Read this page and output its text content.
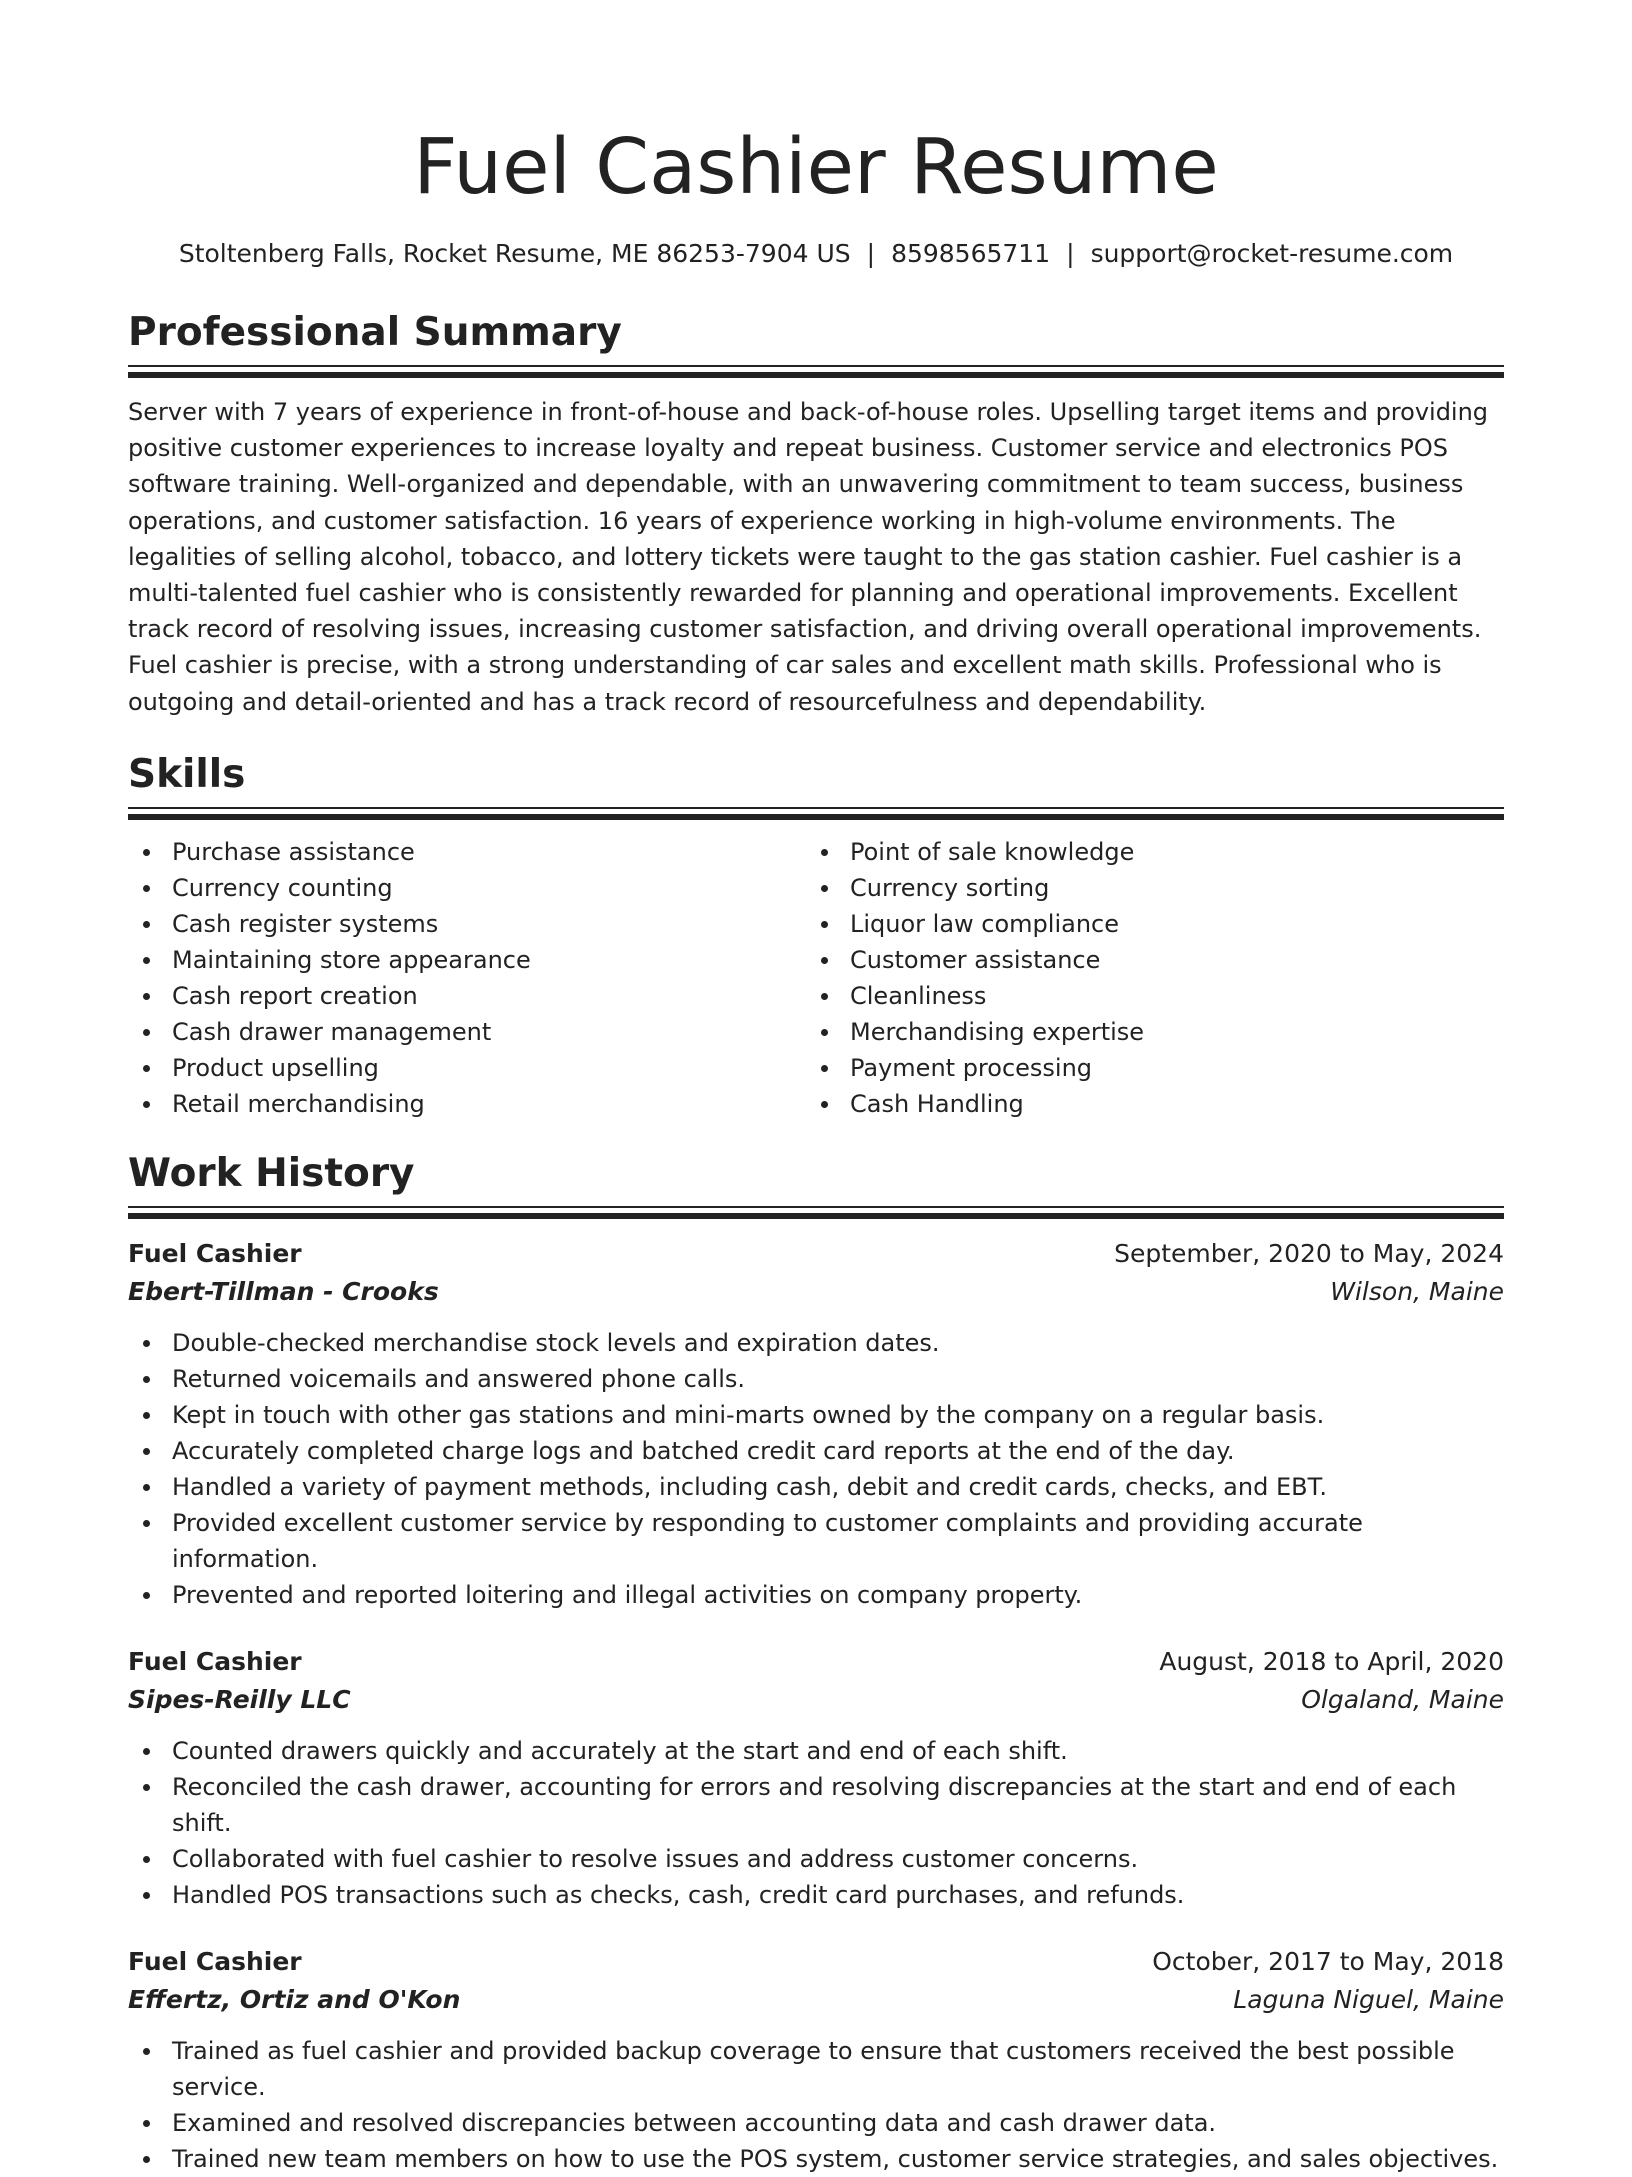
Fuel Cashier Resume
Stoltenberg Falls, Rocket Resume, ME 86253-7904 US | 8598565711 | support@rocket-resume.com
Professional Summary

Server with 7 years of experience in front-of-house and back-of-house roles. Upselling target items and providing positive customer experiences to increase loyalty and repeat business. Customer service and electronics POS software training. Well-organized and dependable, with an unwavering commitment to team success, business operations, and customer satisfaction. 16 years of experience working in high-volume environments. The legalities of selling alcohol, tobacco, and lottery tickets were taught to the gas station cashier. Fuel cashier is a multi-talented fuel cashier who is consistently rewarded for planning and operational improvements. Excellent track record of resolving issues, increasing customer satisfaction, and driving overall operational improvements. Fuel cashier is precise, with a strong understanding of car sales and excellent math skills. Professional who is outgoing and detail-oriented and has a track record of resourcefulness and dependability.

Skills
Purchase assistance
Currency counting
Cash register systems
Maintaining store appearance
Cash report creation
Cash drawer management
Product upselling
Retail merchandising
Point of sale knowledge
Currency sorting
Liquor law compliance
Customer assistance
Cleanliness
Merchandising expertise
Payment processing
Cash Handling
Work History
Fuel Cashier	September, 2020 to May, 2024
Ebert-Tillman - Crooks	Wilson, Maine
Double-checked merchandise stock levels and expiration dates.
Returned voicemails and answered phone calls.
Kept in touch with other gas stations and mini-marts owned by the company on a regular basis.
Accurately completed charge logs and batched credit card reports at the end of the day.
Handled a variety of payment methods, including cash, debit and credit cards, checks, and EBT.
Provided excellent customer service by responding to customer complaints and providing accurate information.
Prevented and reported loitering and illegal activities on company property.
Fuel Cashier	August, 2018 to April, 2020
Sipes-Reilly LLC	Olgaland, Maine
Counted drawers quickly and accurately at the start and end of each shift.
Reconciled the cash drawer, accounting for errors and resolving discrepancies at the start and end of each shift.
Collaborated with fuel cashier to resolve issues and address customer concerns.
Handled POS transactions such as checks, cash, credit card purchases, and refunds.
Fuel Cashier	October, 2017 to May, 2018
Effertz, Ortiz and O'Kon	Laguna Niguel, Maine
Trained as fuel cashier and provided backup coverage to ensure that customers received the best possible service.
Examined and resolved discrepancies between accounting data and cash drawer data.
Trained new team members on how to use the POS system, customer service strategies, and sales objectives.
